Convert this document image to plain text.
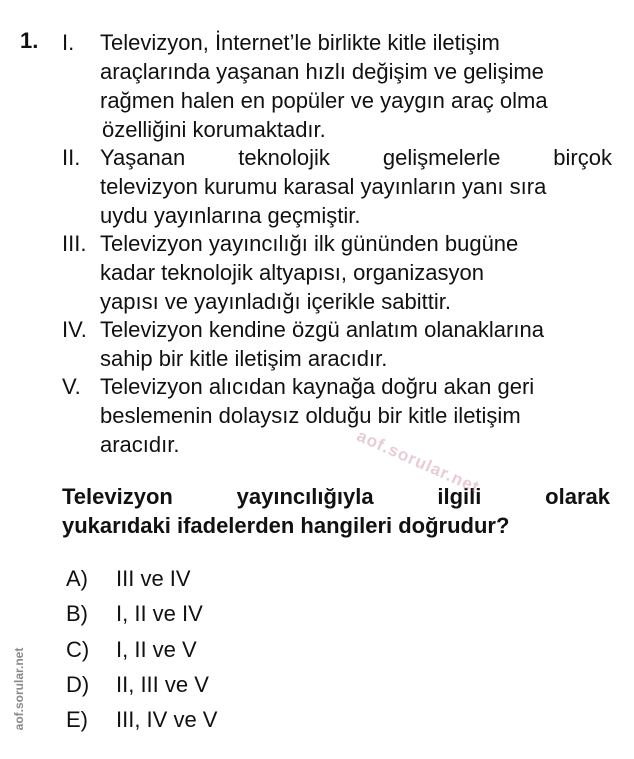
1. I. Televizyon, İnternet’le birlikte kitle iletişim
araçlarında yaşanan hızlı değişim ve gelişime
rağmen halen en popüler ve yaygın araç olma
özelliğini korumaktadır.
II. Yaşanan teknolojik gelişmelerle birçok
televizyon kurumu karasal yayınların yanı sıra
uydu yayınlarına geçmiştir.
III. Televizyon yayıncılığı ilk gününden bugüne
kadar teknolojik altyapısı, organizasyon
yapısı ve yayınladığı içerikle sabittir.
IV. Televizyon kendine özgü anlatım olanaklarına
sahip bir kitle iletişim aracıdır.
V. Televizyon alıcıdan kaynağa doğru akan geri
beslemenin dolaysız olduğu bir kitle iletişim
aracıdır.
Televizyon yayıncılığıyla ilgili olarak
yukarıdaki ifadelerden hangileri doğrudur?
aof.sorular.net
A)	III ve IV
B)	I, II ve IV
C)	I, II ve V
D)	II, III ve V
E)	III, IV ve V
aof.sorular.net
